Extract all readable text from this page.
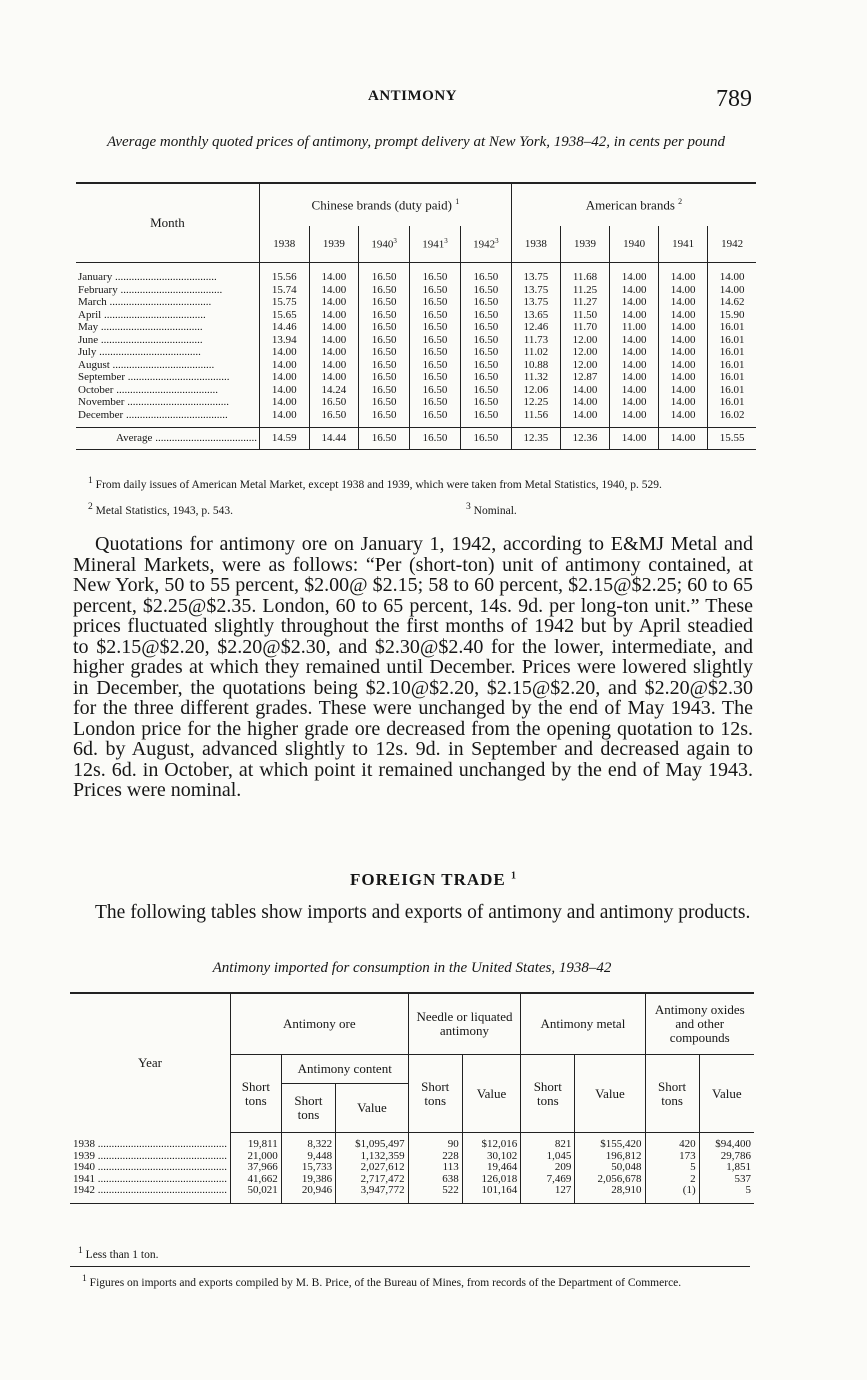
ANTIMONY	789
Average monthly quoted prices of antimony, prompt delivery at New York, 1938–42, in cents per pound
Month	Chinese brands (duty paid) $^1$					American brands $^2$
	1938	1939	1940$^3$	1941$^3$	1942$^3$	1938	1939	1940	1941	1942
January .....	15.56	14.00	16.50	16.50	16.50	13.75	11.68	14.00	14.00	14.00
February .....	15.74	14.00	16.50	16.50	16.50	13.75	11.25	14.00	14.00	14.00
March .....	15.75	14.00	16.50	16.50	16.50	13.75	11.27	14.00	14.00	14.62
April .....	15.65	14.00	16.50	16.50	16.50	13.65	11.50	14.00	14.00	15.90
May .....	14.46	14.00	16.50	16.50	16.50	12.46	11.70	11.00	14.00	16.01
June .....	13.94	14.00	16.50	16.50	16.50	11.73	12.00	14.00	14.00	16.01
July .....	14.00	14.00	16.50	16.50	16.50	11.02	12.00	14.00	14.00	16.01
August .....	14.00	14.00	16.50	16.50	16.50	10.88	12.00	14.00	14.00	16.01
September .....	14.00	14.00	16.50	16.50	16.50	11.32	12.87	14.00	14.00	16.01
October .....	14.00	14.24	16.50	16.50	16.50	12.06	14.00	14.00	14.00	16.01
November .....	14.00	16.50	16.50	16.50	16.50	12.25	14.00	14.00	14.00	16.01
December .....	14.00	16.50	16.50	16.50	16.50	11.56	14.00	14.00	14.00	16.02
Average .....	14.59	14.44	16.50	16.50	16.50	12.35	12.36	14.00	14.00	15.55
$^1$ From daily issues of American Metal Market, except 1938 and 1939, which were taken from Metal Statistics, 1940, p. 529.
$^2$ Metal Statistics, 1943, p. 543.	$^3$ Nominal.
Quotations for antimony ore on January 1, 1942, according to E&MJ Metal and Mineral Markets, were as follows: “Per (short-ton) unit of antimony contained, at New York, 50 to 55 percent, $2.00@ $2.15; 58 to 60 percent, $2.15@$2.25; 60 to 65 percent, $2.25@$2.35. London, 60 to 65 percent, 14s. 9d. per long-ton unit.” These prices fluctuated slightly throughout the first months of 1942 but by April steadied to $2.15@$2.20, $2.20@$2.30, and $2.30@$2.40 for the lower, intermediate, and higher grades at which they remained until December. Prices were lowered slightly in December, the quotations being $2.10@$2.20, $2.15@$2.20, and $2.20@$2.30 for the three different grades. These were unchanged by the end of May 1943. The London price for the higher grade ore decreased from the opening quotation to 12s. 6d. by August, advanced slightly to 12s. 9d. in September and decreased again to 12s. 6d. in October, at which point it remained unchanged by the end of May 1943. Prices were nominal.
FOREIGN TRADE $^1$
The following tables show imports and exports of antimony and antimony products.
Antimony imported for consumption in the United States, 1938–42
Year	Antimony ore			Needle or liquated antimony		Antimony metal		Antimony oxides and other compounds	
	Short tons	Antimony content		Short tons	Value	Short tons	Value	Short tons	Value
		Short tons	Value						
1938 .....	19,811	8,322	$1,095,497	90	$12,016	821	$155,420	420	$94,400
1939 .....	21,000	9,448	1,132,359	228	30,102	1,045	196,812	173	29,786
1940 .....	37,966	15,733	2,027,612	113	19,464	209	50,048	5	1,851
1941 .....	41,662	19,386	2,717,472	638	126,018	7,469	2,056,678	2	537
1942 .....	50,021	20,946	3,947,772	522	101,164	127	28,910	(1)	5
$^1$ Less than 1 ton.
$^1$ Figures on imports and exports compiled by M. B. Price, of the Bureau of Mines, from records of the Department of Commerce.
